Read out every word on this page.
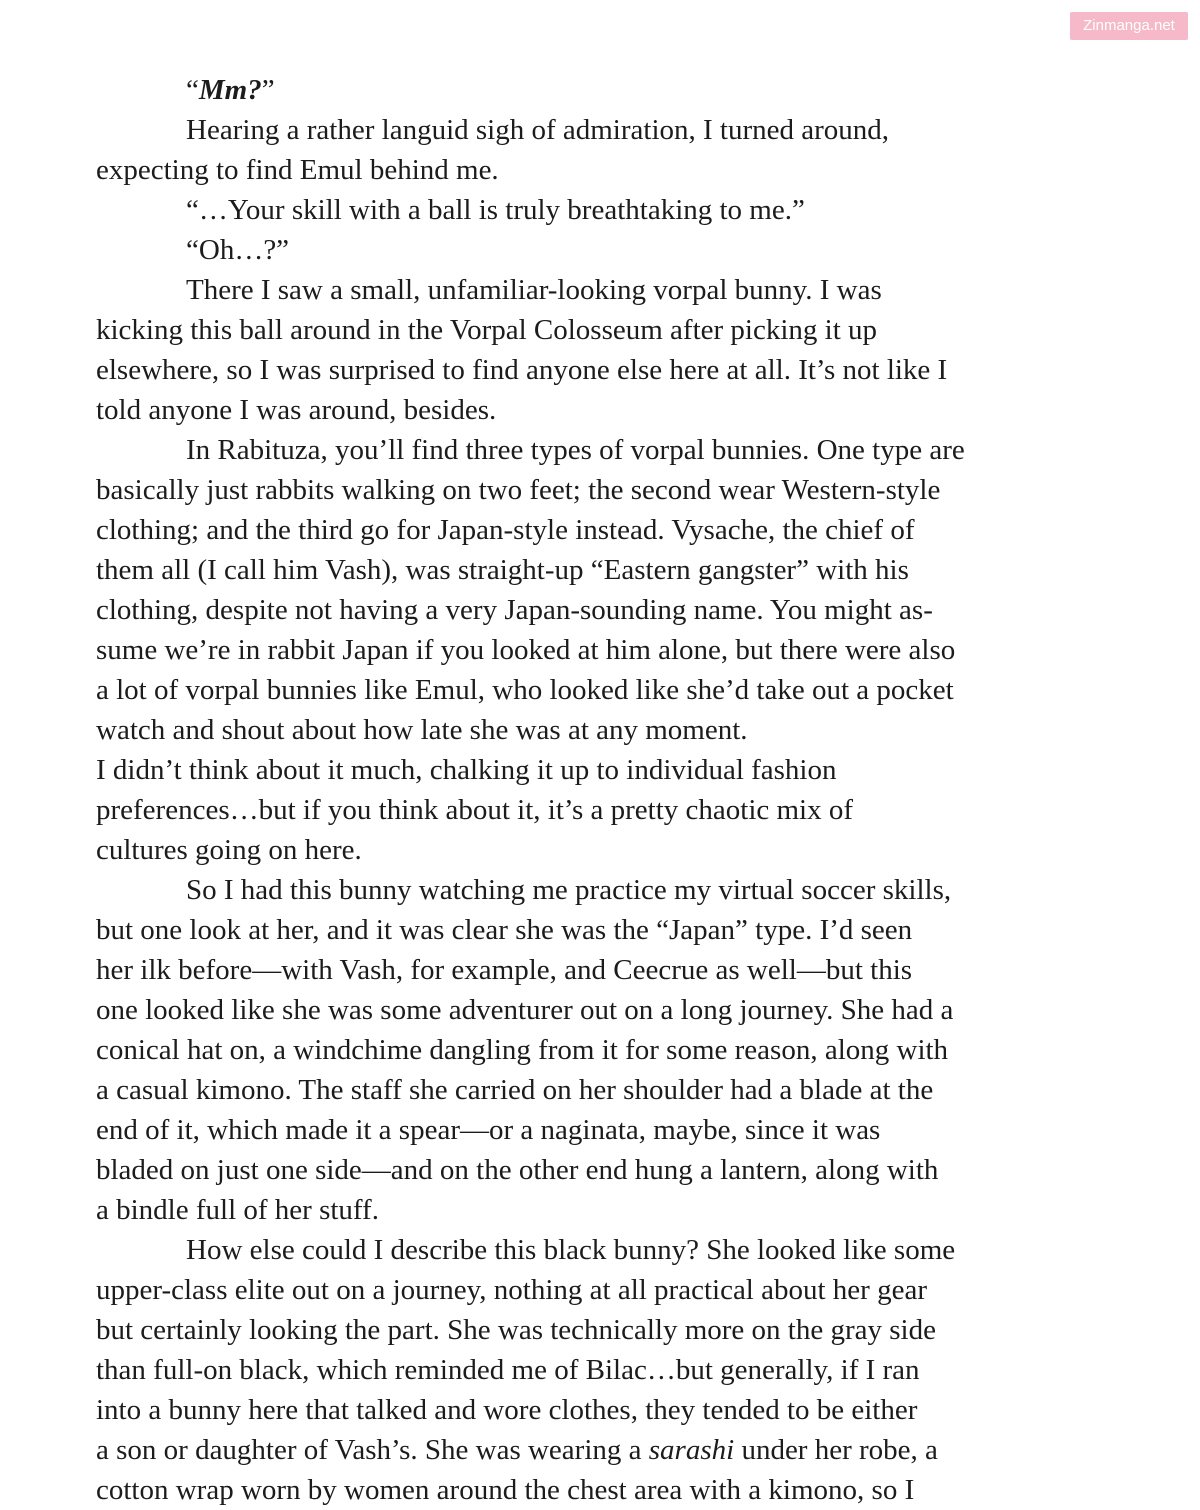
Zinmanga.net
“Mm?”
Hearing a rather languid sigh of admiration, I turned around,
expecting to find Emul behind me.
“…Your skill with a ball is truly breathtaking to me.”
“Oh…?”
There I saw a small, unfamiliar-looking vorpal bunny. I was
kicking this ball around in the Vorpal Colosseum after picking it up
elsewhere, so I was surprised to find anyone else here at all. It’s not like I
told anyone I was around, besides.
In Rabituza, you’ll find three types of vorpal bunnies. One type are
basically just rabbits walking on two feet; the second wear Western-style
clothing; and the third go for Japan-style instead. Vysache, the chief of
them all (I call him Vash), was straight-up “Eastern gangster” with his
clothing, despite not having a very Japan-sounding name. You might as-
sume we’re in rabbit Japan if you looked at him alone, but there were also
a lot of vorpal bunnies like Emul, who looked like she’d take out a pocket
watch and shout about how late she was at any moment.
I didn’t think about it much, chalking it up to individual fashion
preferences…but if you think about it, it’s a pretty chaotic mix of
cultures going on here.
So I had this bunny watching me practice my virtual soccer skills,
but one look at her, and it was clear she was the “Japan” type. I’d seen
her ilk before—with Vash, for example, and Ceecrue as well—but this
one looked like she was some adventurer out on a long journey. She had a
conical hat on, a windchime dangling from it for some reason, along with
a casual kimono. The staff she carried on her shoulder had a blade at the
end of it, which made it a spear—or a naginata, maybe, since it was
bladed on just one side—and on the other end hung a lantern, along with
a bindle full of her stuff.
How else could I describe this black bunny? She looked like some
upper-class elite out on a journey, nothing at all practical about her gear
but certainly looking the part. She was technically more on the gray side
than full-on black, which reminded me of Bilac…but generally, if I ran
into a bunny here that talked and wore clothes, they tended to be either
a son or daughter of Vash’s. She was wearing a sarashi under her robe, a
cotton wrap worn by women around the chest area with a kimono, so I
